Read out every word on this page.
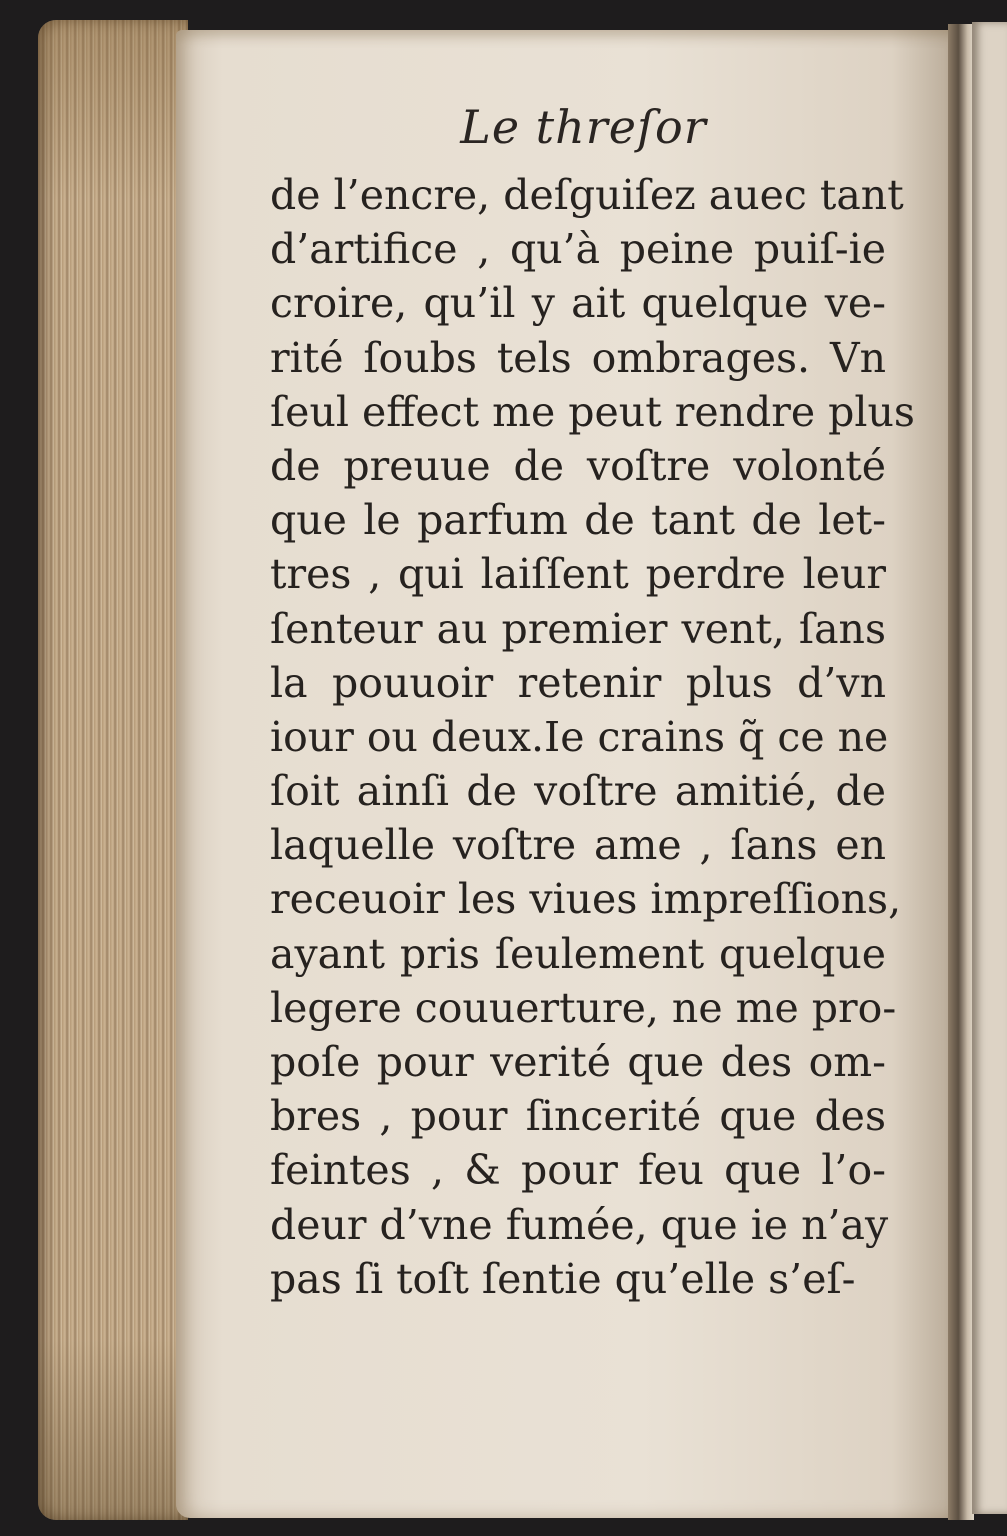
Le threſor
de l’encre, deſguiſez auec tant
d’artifice , qu’à peine puiſ-ie
croire, qu’il y ait quelque ve-
rité ſoubs tels ombrages. Vn
ſeul effect me peut rendre plus
de preuue de voſtre volonté
que le parfum de tant de let-
tres , qui laiſſent perdre leur
ſenteur au premier vent, ſans
la pouuoir retenir plus d’vn
iour ou deux.Ie crains q̃ ce ne
ſoit ainſi de voſtre amitié, de
laquelle voſtre ame , ſans en
receuoir les viues impreſſions,
ayant pris ſeulement quelque
legere couuerture, ne me pro-
poſe pour verité que des om-
bres , pour ſincerité que des
feintes , & pour feu que l’o-
deur d’vne fumée, que ie n’ay
pas ſi toſt ſentie qu’elle s’eſ-
